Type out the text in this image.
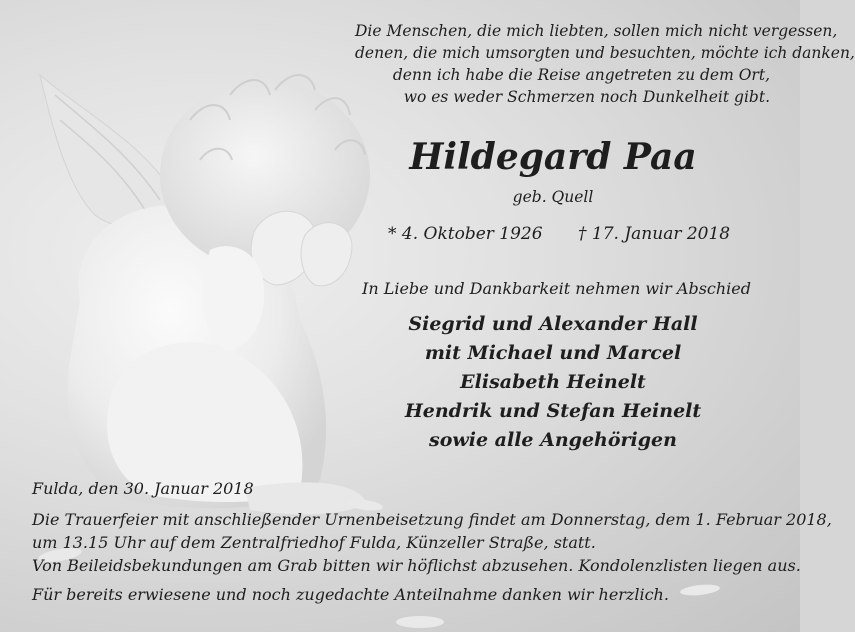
Die Menschen, die mich liebten, sollen mich nicht vergessen,
denen, die mich umsorgten und besuchten, möchte ich danken,
denn ich habe die Reise angetreten zu dem Ort,
wo es weder Schmerzen noch Dunkelheit gibt.
Hildegard Paa
geb. Quell
* 4. Oktober 1926 † 17. Januar 2018
In Liebe und Dankbarkeit nehmen wir Abschied
Siegrid und Alexander Hall
mit Michael und Marcel
Elisabeth Heinelt
Hendrik und Stefan Heinelt
sowie alle Angehörigen
Fulda, den 30. Januar 2018
Die Trauerfeier mit anschließender Urnenbeisetzung findet am Donnerstag, dem 1. Februar 2018,
um 13.15 Uhr auf dem Zentralfriedhof Fulda, Künzeller Straße, statt.
Von Beileidsbekundungen am Grab bitten wir höflichst abzusehen. Kondolenzlisten liegen aus.
Für bereits erwiesene und noch zugedachte Anteilnahme danken wir herzlich.
